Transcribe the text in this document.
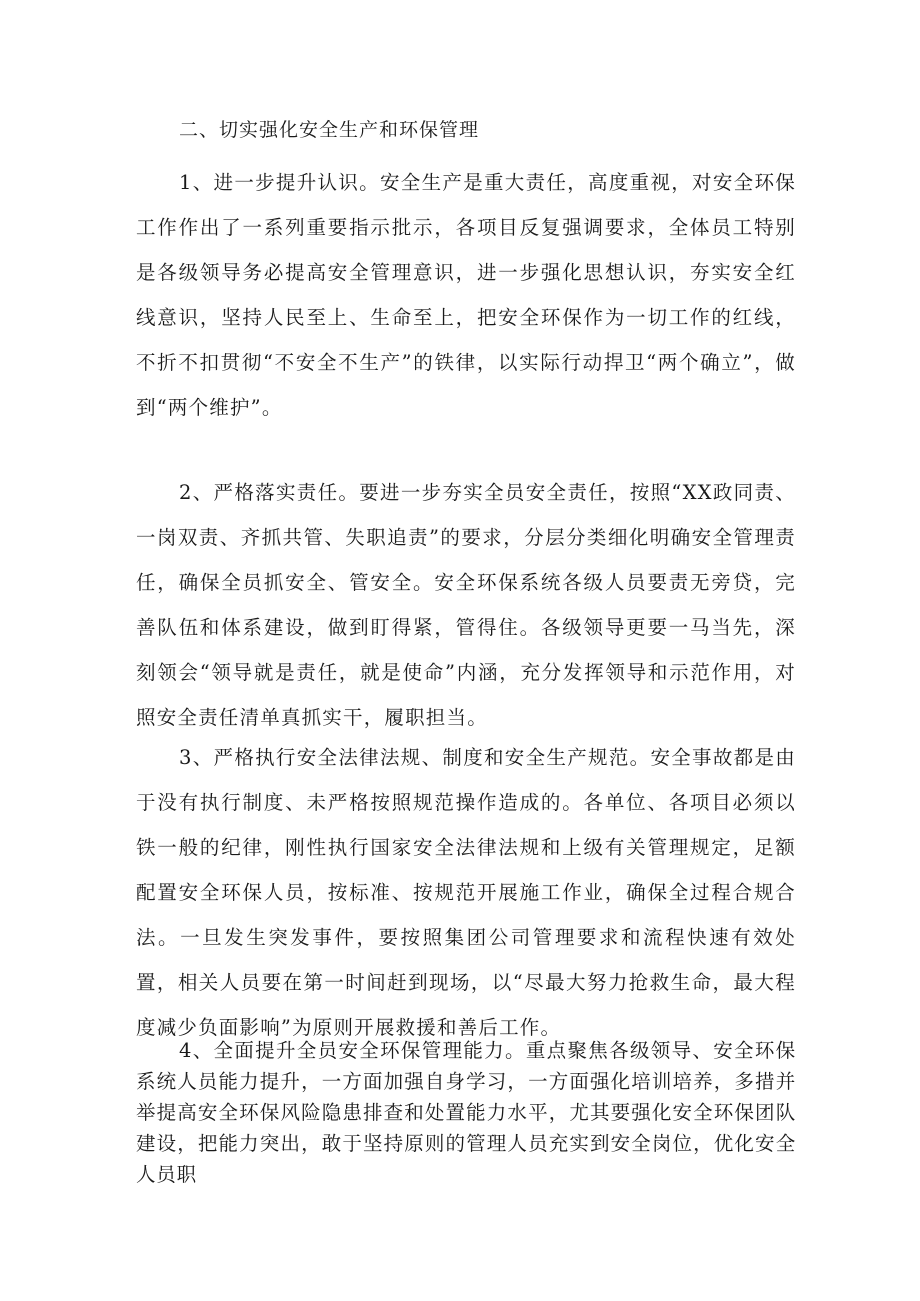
二、切实强化安全生产和环保管理

1、进一步提升认识。安全生产是重大责任，高度重视，对安全环保工作作出了一系列重要指示批示，各项目反复强调要求，全体员工特别是各级领导务必提高安全管理意识，进一步强化思想认识，夯实安全红线意识，坚持人民至上、生命至上，把安全环保作为一切工作的红线，不折不扣贯彻“不安全不生产”的铁律，以实际行动捍卫“两个确立”，做到“两个维护”。

2、严格落实责任。要进一步夯实全员安全责任，按照“XX政同责、一岗双责、齐抓共管、失职追责”的要求，分层分类细化明确安全管理责任，确保全员抓安全、管安全。安全环保系统各级人员要责无旁贷，完善队伍和体系建设，做到盯得紧，管得住。各级领导更要一马当先，深刻领会“领导就是责任，就是使命”内涵，充分发挥领导和示范作用，对照安全责任清单真抓实干，履职担当。

3、严格执行安全法律法规、制度和安全生产规范。安全事故都是由于没有执行制度、未严格按照规范操作造成的。各单位、各项目必须以铁一般的纪律，刚性执行国家安全法律法规和上级有关管理规定，足额配置安全环保人员，按标准、按规范开展施工作业，确保全过程合规合法。一旦发生突发事件，要按照集团公司管理要求和流程快速有效处置，相关人员要在第一时间赶到现场，以“尽最大努力抢救生命，最大程度减少负面影响”为原则开展救援和善后工作。

4、全面提升全员安全环保管理能力。重点聚焦各级领导、安全环保系统人员能力提升，一方面加强自身学习，一方面强化培训培养，多措并举提高安全环保风险隐患排查和处置能力水平，尤其要强化安全环保团队建设，把能力突出，敢于坚持原则的管理人员充实到安全岗位，优化安全人员职
